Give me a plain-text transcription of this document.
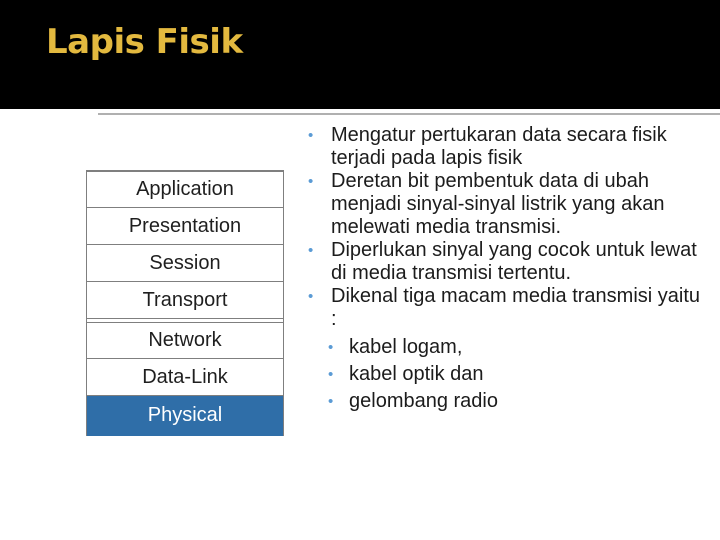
Lapis Fisik
Application
Presentation
Session
Transport
Network
Data-Link
Physical
• Mengatur pertukaran data secara fisik terjadi pada lapis fisik
• Deretan bit pembentuk data di ubah menjadi sinyal-sinyal listrik yang akan melewati media transmisi.
• Diperlukan sinyal yang cocok untuk lewat di media transmisi tertentu.
• Dikenal tiga macam media transmisi yaitu :
• kabel logam,
• kabel optik dan
• gelombang radio
